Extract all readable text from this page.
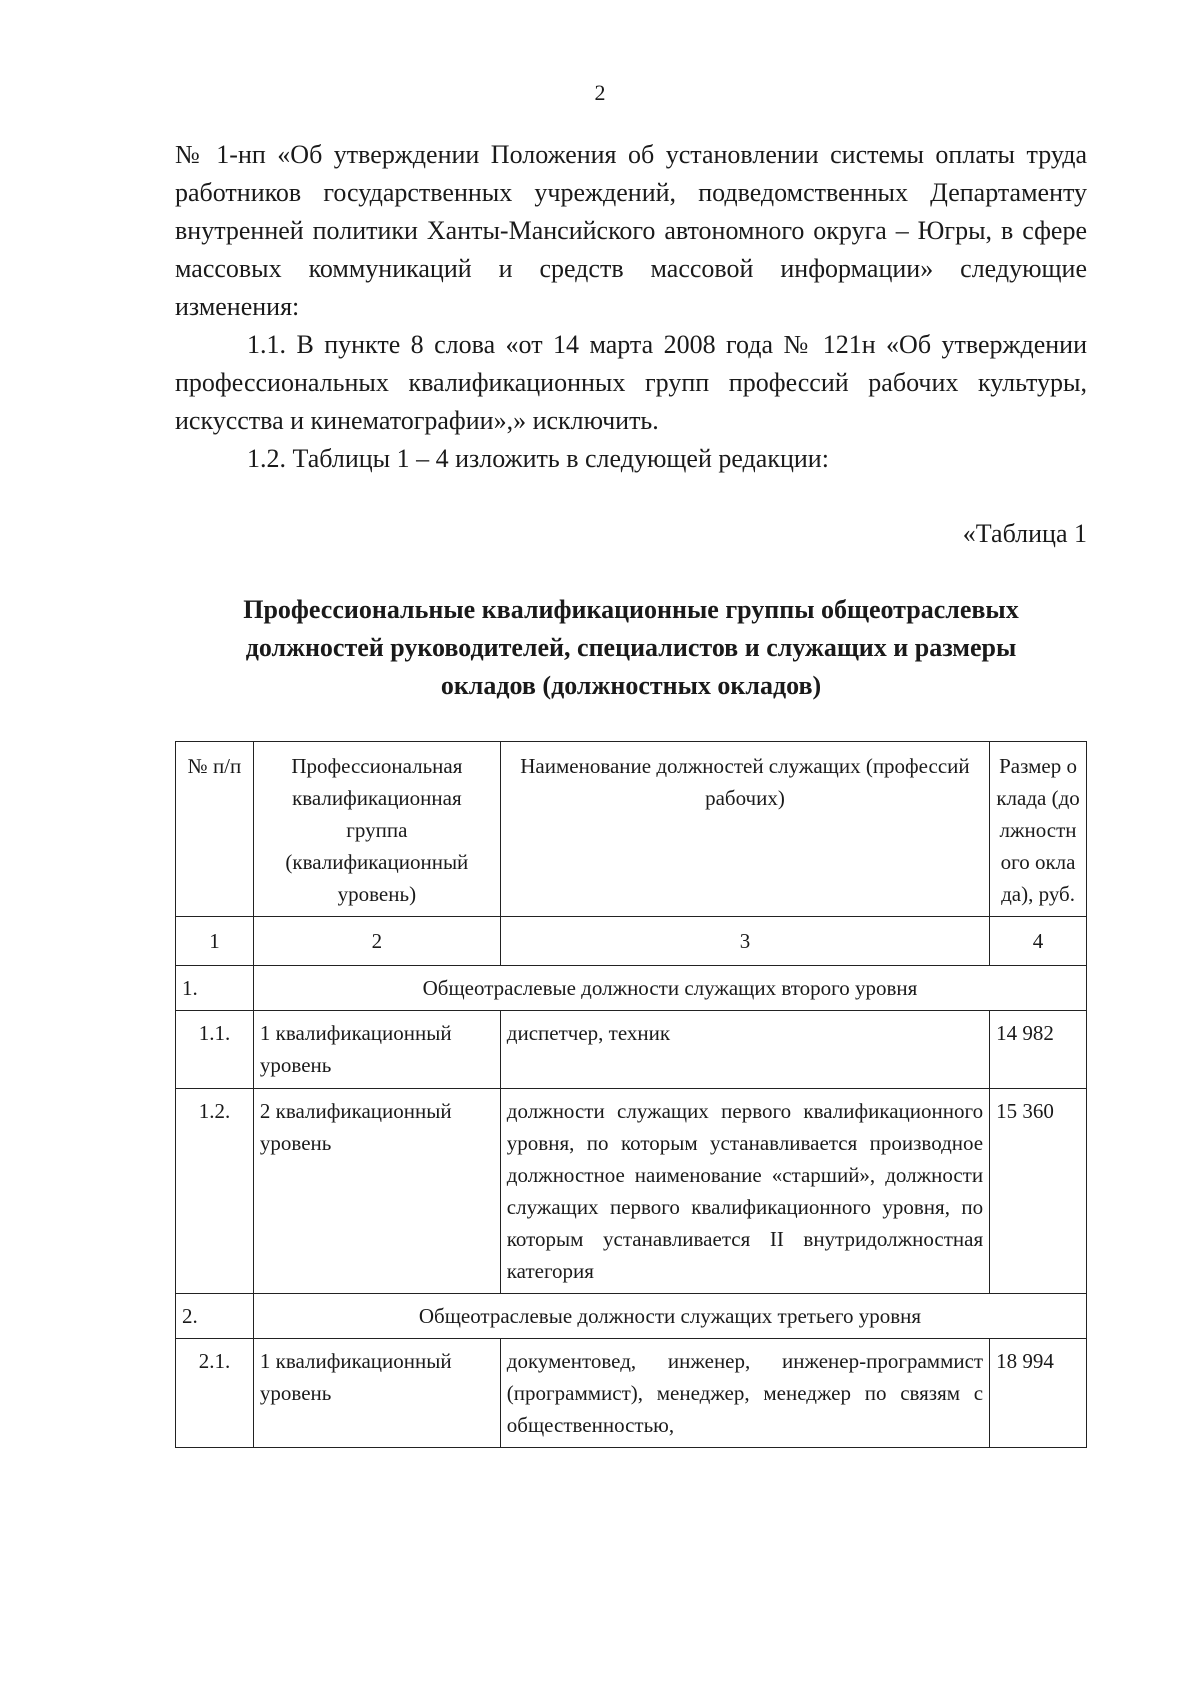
2

№ 1-нп «Об утверждении Положения об установлении системы оплаты труда работников государственных учреждений, подведомственных Департаменту внутренней политики Ханты-Мансийского автономного округа – Югры, в сфере массовых коммуникаций и средств массовой информации» следующие изменения:

1.1. В пункте 8 слова «от 14 марта 2008 года № 121н «Об утверждении профессиональных квалификационных групп профессий рабочих культуры, искусства и кинематографии»,» исключить.

1.2. Таблицы 1 – 4 изложить в следующей редакции:

«Таблица 1
Профессиональные квалификационные группы общеотраслевых
должностей руководителей, специалистов и служащих и размеры
окладов (должностных окладов)
№ п/п	Профессиональная квалификационная группа (квалификационный уровень)	Наименование должностей служащих (профессий рабочих)	Размер оклада (должностного оклада), руб.
1	2	3	4
1.	Общеотраслевые должности служащих второго уровня		
1.1.	1 квалификационный уровень	диспетчер, техник	14 982
1.2.	2 квалификационный уровень	должности служащих первого квалификационного уровня, по которым устанавливается производное должностное наименование «старший», должности служащих первого квалификационного уровня, по которым устанавливается II внутридолжностная категория	15 360
2.	Общеотраслевые должности служащих третьего уровня		
2.1.	1 квалификационный уровень	документовед, инженер, инженер-программист (программист), менеджер, менеджер по связям с общественностью,	18 994
